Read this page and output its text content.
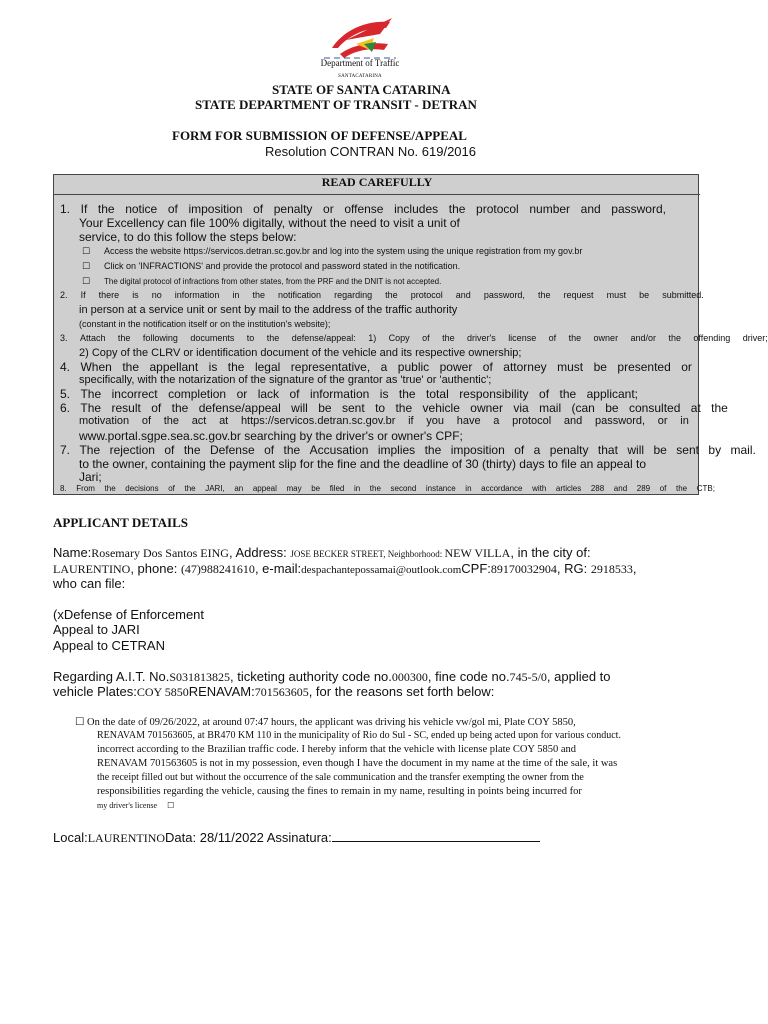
Department of Traffic
SANTACATARINA
STATE OF SANTA CATARINA
STATE DEPARTMENT OF TRANSIT - DETRAN
FORM FOR SUBMISSION OF DEFENSE/APPEAL
Resolution CONTRAN No. 619/2016
READ CAREFULLY
1. If the notice of imposition of penalty or offense includes the protocol number and password,
Your Excellency can file 100% digitally, without the need to visit a unit of
service, to do this follow the steps below:
☐ Access the website https://servicos.detran.sc.gov.br and log into the system using the unique registration from my gov.br
☐ Click on 'INFRACTIONS' and provide the protocol and password stated in the notification.
☐ The digital protocol of infractions from other states, from the PRF and the DNIT is not accepted.
2. If there is no information in the notification regarding the protocol and password, the request must be submitted.
in person at a service unit or sent by mail to the address of the traffic authority
(constant in the notification itself or on the institution's website);
3. Attach the following documents to the defense/appeal: 1) Copy of the driver's license of the owner and/or the offending driver;
2) Copy of the CLRV or identification document of the vehicle and its respective ownership;
4. When the appellant is the legal representative, a public power of attorney must be presented or
specifically, with the notarization of the signature of the grantor as 'true' or 'authentic';
5. The incorrect completion or lack of information is the total responsibility of the applicant;
6. The result of the defense/appeal will be sent to the vehicle owner via mail (can be consulted at the
motivation of the act at https://servicos.detran.sc.gov.br if you have a protocol and password, or in
www.portal.sgpe.sea.sc.gov.br searching by the driver's or owner's CPF;
7. The rejection of the Defense of the Accusation implies the imposition of a penalty that will be sent by mail.
to the owner, containing the payment slip for the fine and the deadline of 30 (thirty) days to file an appeal to
Jari;
8. From the decisions of the JARI, an appeal may be filed in the second instance in accordance with articles 288 and 289 of the CTB;
APPLICANT DETAILS
Name:Rosemary Dos Santos EING, Address: JOSE BECKER STREET, Neighborhood: NEW VILLA, in the city of:
LAURENTINO, phone: (47)988241610, e-mail:despachantepossamai@outlook.comCPF:89170032904, RG: 2918533,
who can file:
(xDefense of Enforcement
Appeal to JARI
Appeal to CETRAN
Regarding A.I.T. No.S031813825, ticketing authority code no.000300, fine code no.745-5/0, applied to
vehicle Plates:COY 5850RENAVAM:701563605, for the reasons set forth below:
☐ On the date of 09/26/2022, at around 07:47 hours, the applicant was driving his vehicle vw/gol mi, Plate COY 5850,
RENAVAM 701563605, at BR470 KM 110 in the municipality of Rio do Sul - SC, ended up being acted upon for various conduct.
incorrect according to the Brazilian traffic code. I hereby inform that the vehicle with license plate COY 5850 and
RENAVAM 701563605 is not in my possession, even though I have the document in my name at the time of the sale, it was
the receipt filled out but without the occurrence of the sale communication and the transfer exempting the owner from the
responsibilities regarding the vehicle, causing the fines to remain in my name, resulting in points being incurred for
my driver's license ☐
Local:LAURENTINOData: 28/11/2022 Assinatura:
